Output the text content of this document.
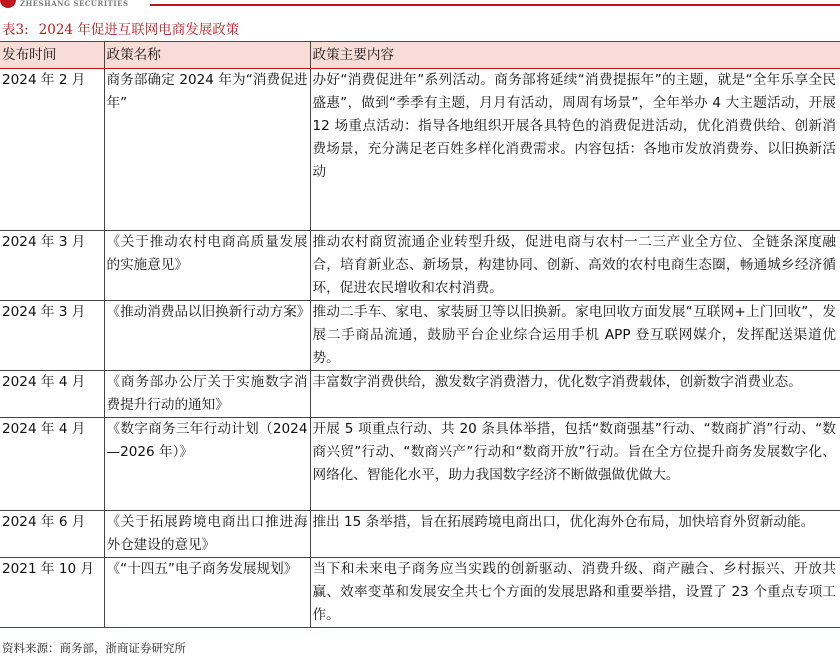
ZHESHANG SECURITIES
表3: 2024 年促进互联网电商发展政策
发布时间	政策名称	政策主要内容
2024 年 2 月	商务部确定 2024 年为“消费促进年”	办好“消费促进年”系列活动。商务部将延续“消费提振年”的主题，就是“全年乐享全民盛惠”，做到“季季有主题，月月有活动，周周有场景”，全年举办 4 大主题活动，开展 12 场重点活动：指导各地组织开展各具特色的消费促进活动，优化消费供给、创新消费场景，充分满足老百姓多样化消费需求。内容包括：各地市发放消费券、以旧换新活动
2024 年 3 月	《关于推动农村电商高质量发展的实施意见》	推动农村商贸流通企业转型升级，促进电商与农村一二三产业全方位、全链条深度融合，培育新业态、新场景，构建协同、创新、高效的农村电商生态圈，畅通城乡经济循环，促进农民增收和农村消费。
2024 年 3 月	《推动消费品以旧换新行动方案》	推动二手车、家电、家装厨卫等以旧换新。家电回收方面发展“互联网+上门回收”，发展二手商品流通，鼓励平台企业综合运用手机 APP 登互联网媒介，发挥配送渠道优势。
2024 年 4 月	《商务部办公厅关于实施数字消费提升行动的通知》	丰富数字消费供给，激发数字消费潜力，优化数字消费载体，创新数字消费业态。
2024 年 4 月	《数字商务三年行动计划（2024—2026 年）》	开展 5 项重点行动、共 20 条具体举措，包括“数商强基”行动、“数商扩消”行动、“数商兴贸”行动、“数商兴产”行动和“数商开放”行动。旨在全方位提升商务发展数字化、网络化、智能化水平，助力我国数字经济不断做强做优做大。
2024 年 6 月	《关于拓展跨境电商出口推进海外仓建设的意见》	推出 15 条举措，旨在拓展跨境电商出口，优化海外仓布局，加快培育外贸新动能。
2021 年 10 月	《“十四五”电子商务发展规划》	当下和未来电子商务应当实践的创新驱动、消费升级、商产融合、乡村振兴、开放共赢、效率变革和发展安全共七个方面的发展思路和重要举措，设置了 23 个重点专项工作。
资料来源：商务部，浙商证券研究所
